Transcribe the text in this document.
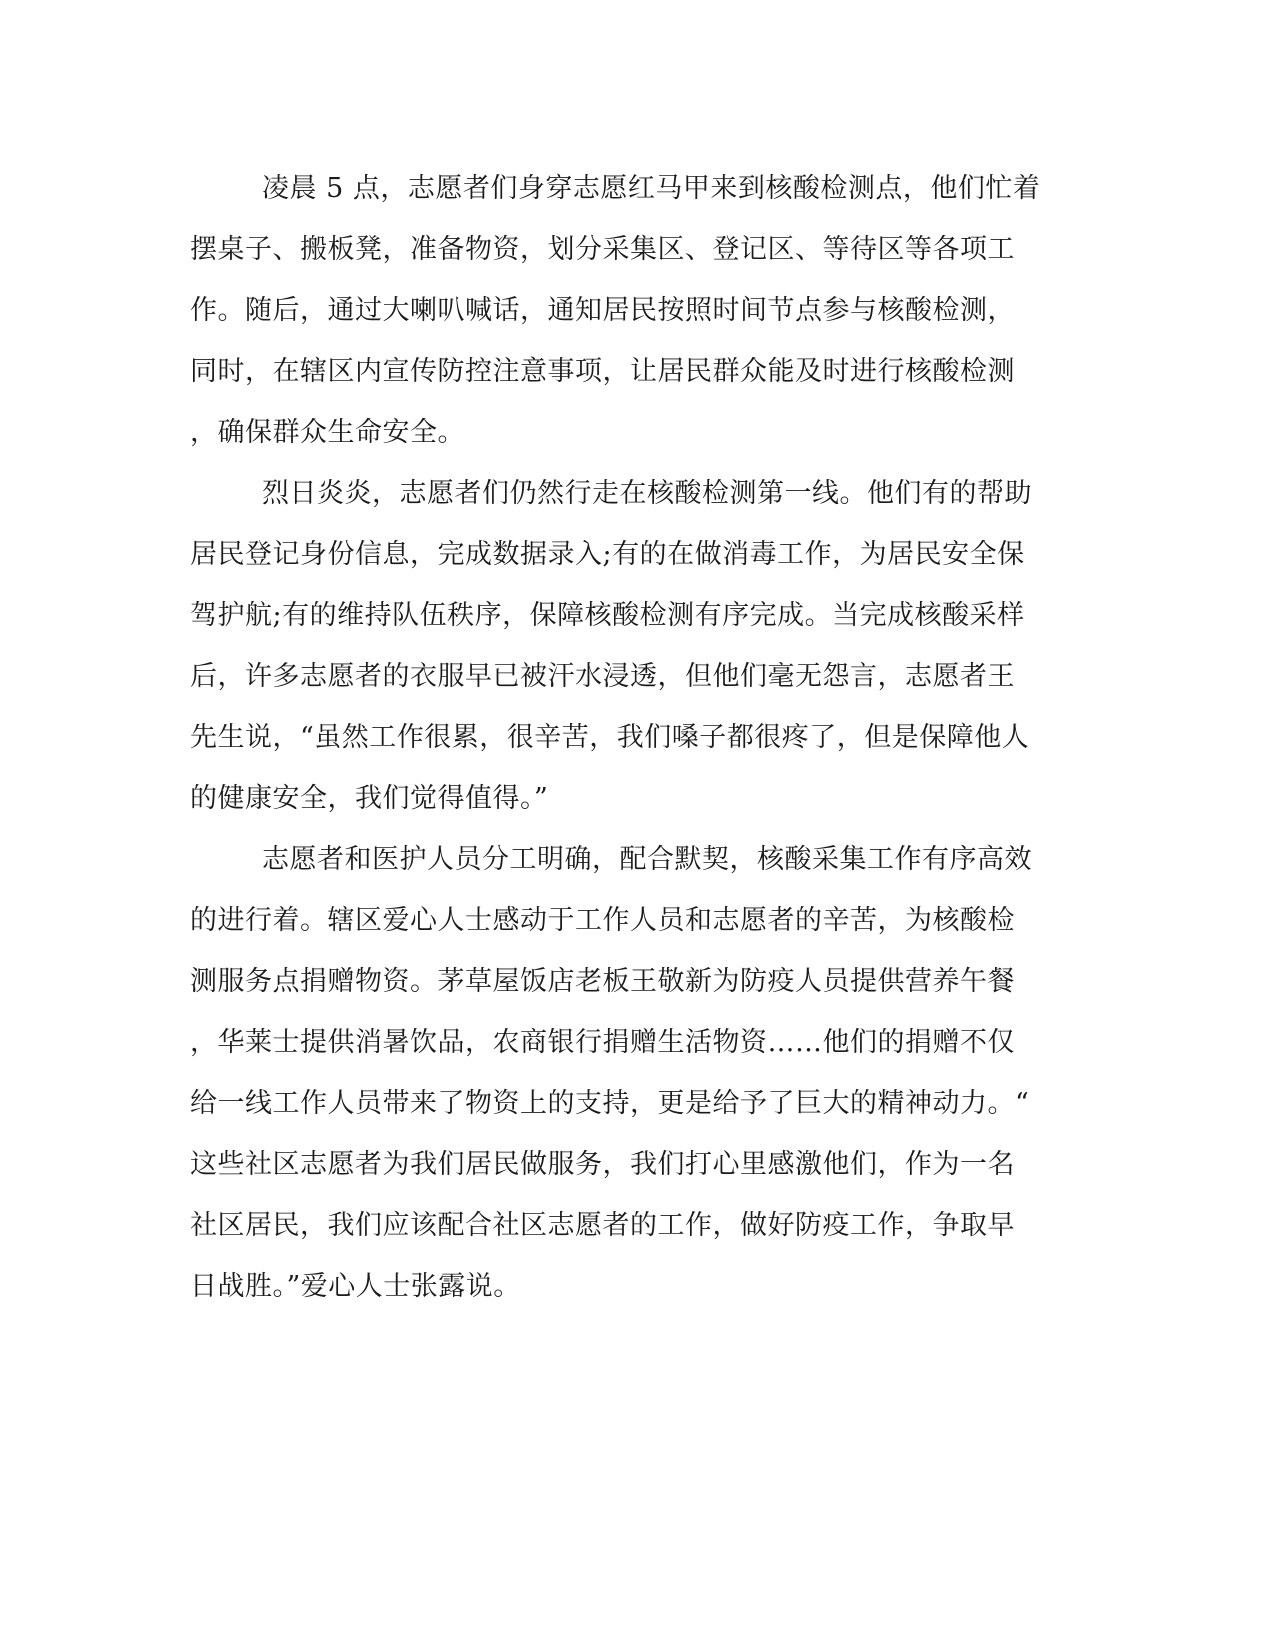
凌晨 5 点，志愿者们身穿志愿红马甲来到核酸检测点，他们忙着
摆桌子、搬板凳，准备物资，划分采集区、登记区、等待区等各项工
作。随后，通过大喇叭喊话，通知居民按照时间节点参与核酸检测，
同时，在辖区内宣传防控注意事项，让居民群众能及时进行核酸检测
，确保群众生命安全。
烈日炎炎，志愿者们仍然行走在核酸检测第一线。他们有的帮助
居民登记身份信息，完成数据录入;有的在做消毒工作，为居民安全保
驾护航;有的维持队伍秩序，保障核酸检测有序完成。当完成核酸采样
后，许多志愿者的衣服早已被汗水浸透，但他们毫无怨言，志愿者王
先生说，“虽然工作很累，很辛苦，我们嗓子都很疼了，但是保障他人
的健康安全，我们觉得值得。”
志愿者和医护人员分工明确，配合默契，核酸采集工作有序高效
的进行着。辖区爱心人士感动于工作人员和志愿者的辛苦，为核酸检
测服务点捐赠物资。茅草屋饭店老板王敬新为防疫人员提供营养午餐
，华莱士提供消暑饮品，农商银行捐赠生活物资……他们的捐赠不仅
给一线工作人员带来了物资上的支持，更是给予了巨大的精神动力。“
这些社区志愿者为我们居民做服务，我们打心里感激他们，作为一名
社区居民，我们应该配合社区志愿者的工作，做好防疫工作，争取早
日战胜。”爱心人士张露说。
